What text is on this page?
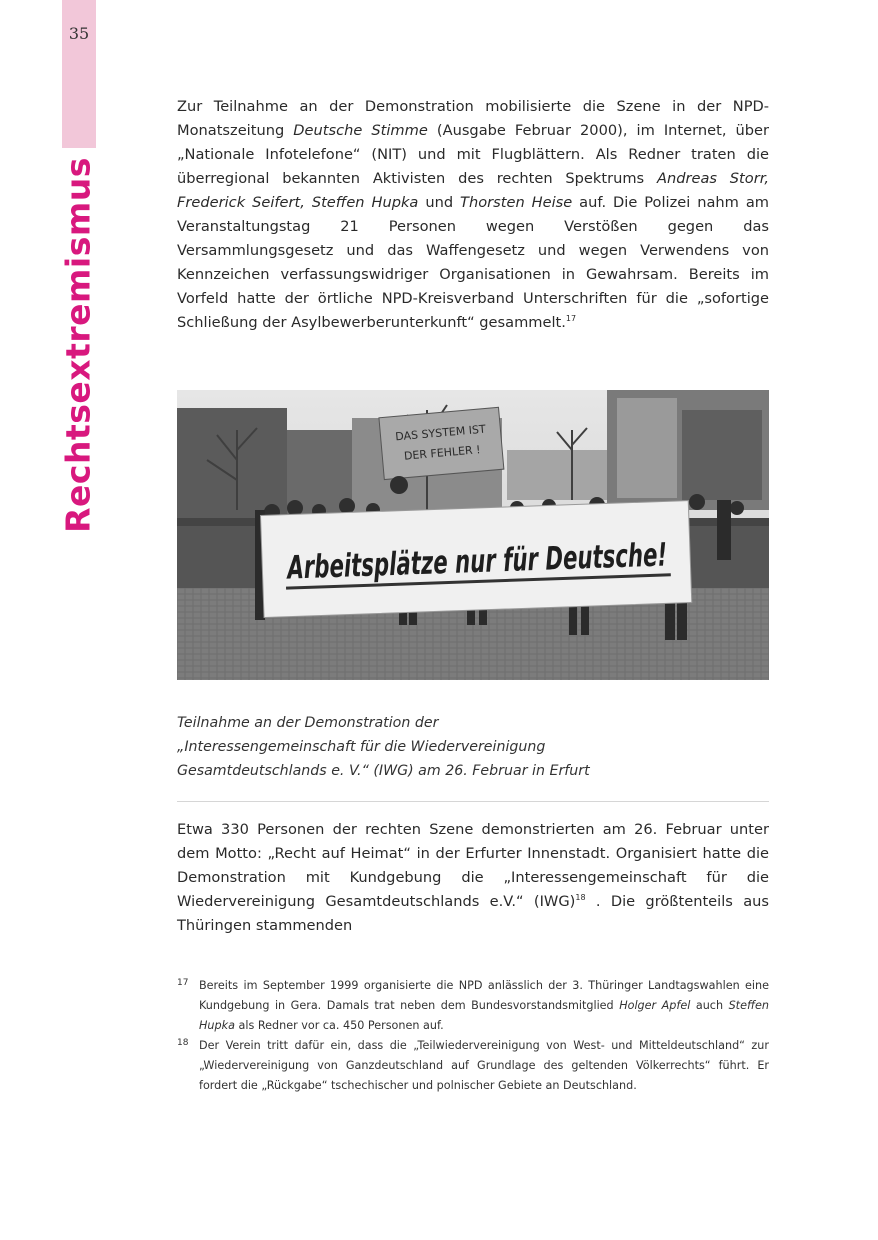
35
Rechtsextremismus

Zur Teilnahme an der Demonstration mobilisierte die Szene in der NPD-Monatszeitung Deutsche Stimme (Ausgabe Februar 2000), im Internet, über „Nationale Infotelefone“ (NIT) und mit Flugblättern. Als Redner traten die überregional bekannten Aktivisten des rechten Spektrums Andreas Storr, Frederick Seifert, Steffen Hupka und Thorsten Heise auf. Die Polizei nahm am Veranstaltungstag 21 Personen wegen Verstößen gegen das Versammlungsgesetz und das Waffengesetz und wegen Verwendens von Kennzeichen verfassungswidriger Organisationen in Gewahrsam. Bereits im Vorfeld hatte der örtliche NPD-Kreisverband Unterschriften für die „sofortige Schließung der Asylbewerberunterkunft“ gesammelt.$^{17}$

DAS SYSTEM IST
DER FEHLER !
Arbeitsplätze nur für Deutsche!
Teilnahme an der Demonstration der
„Interessengemeinschaft für die Wiedervereinigung
Gesamtdeutschlands e. V.“ (IWG) am 26. Februar in Erfurt

Etwa 330 Personen der rechten Szene demonstrierten am 26. Februar unter dem Motto: „Recht auf Heimat“ in der Erfurter Innenstadt. Organisiert hatte die Demonstration mit Kundgebung die „Interessengemeinschaft für die Wiedervereinigung Gesamtdeutschlands e.V.“ (IWG)$^{18}$ . Die größtenteils aus Thüringen stammenden

17 Bereits im September 1999 organisierte die NPD anlässlich der 3. Thüringer Landtagswahlen eine Kundgebung in Gera. Damals trat neben dem Bundesvorstandsmitglied Holger Apfel auch Steffen Hupka als Redner vor ca. 450 Personen auf.

18 Der Verein tritt dafür ein, dass die „Teilwiedervereinigung von West- und Mitteldeutschland“ zur „Wiedervereinigung von Ganzdeutschland auf Grundlage des geltenden Völkerrechts“ führt. Er fordert die „Rückgabe“ tschechischer und polnischer Gebiete an Deutschland.
